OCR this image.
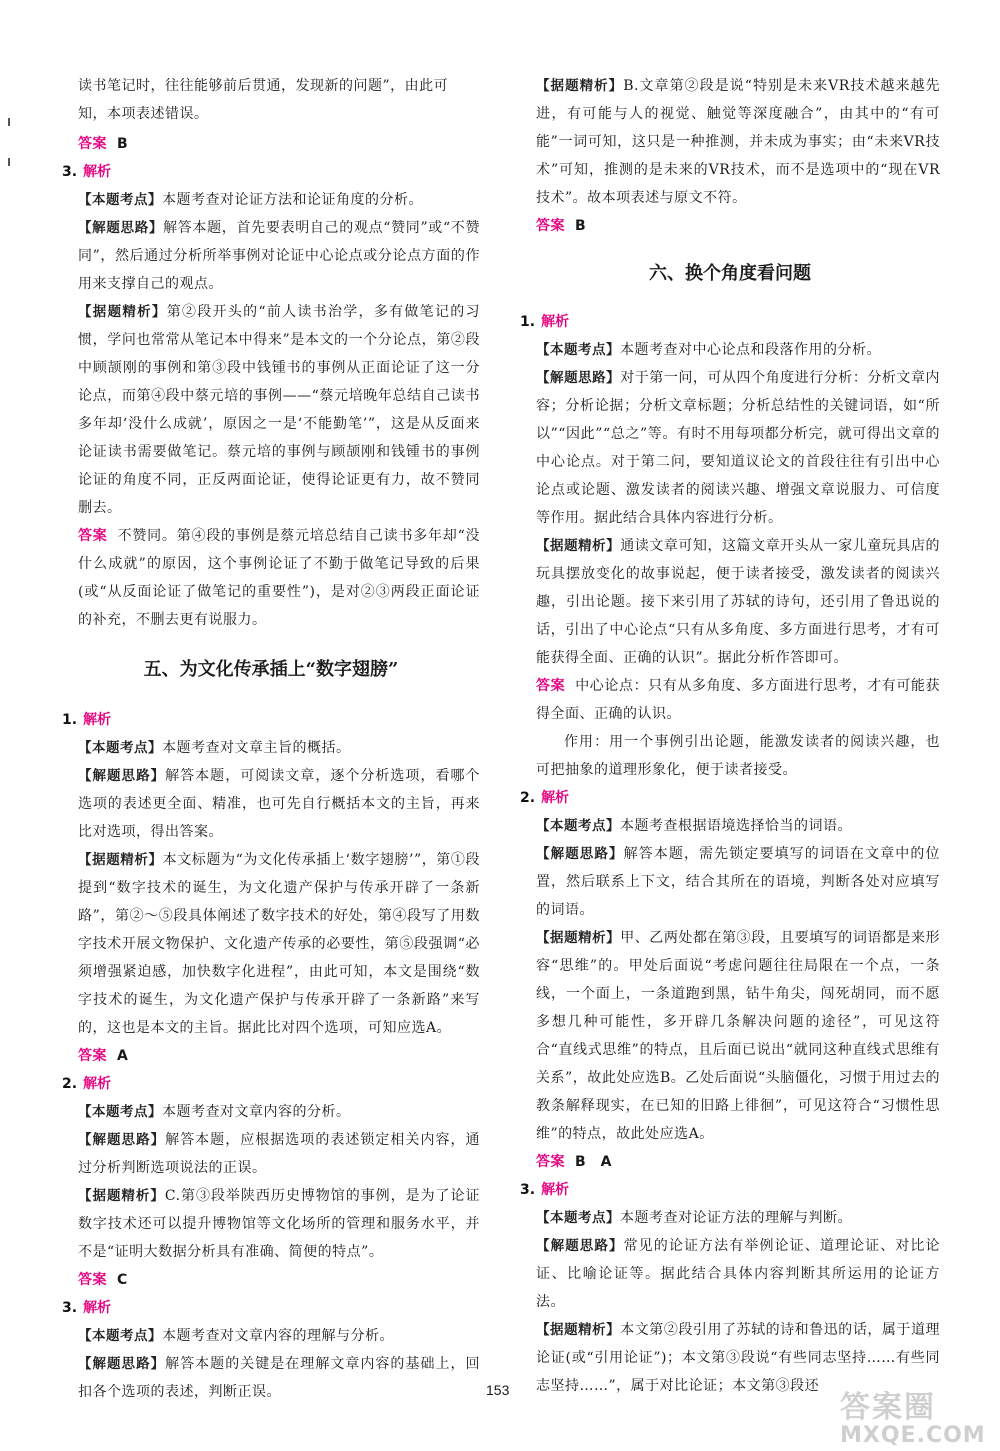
读书笔记时，往往能够前后贯通，发现新的问题”，由此可

知，本项表述错误。

答案 B

3. 解析

【本题考点】本题考查对论证方法和论证角度的分析。

【解题思路】解答本题，首先要表明自己的观点“赞同”或“不赞同”，然后通过分析所举事例对论证中心论点或分论点方面的作用来支撑自己的观点。

【据题精析】第②段开头的“前人读书治学，多有做笔记的习惯，学问也常常从笔记本中得来”是本文的一个分论点，第②段中顾颉刚的事例和第③段中钱锺书的事例从正面论证了这一分论点，而第④段中蔡元培的事例——“蔡元培晚年总结自己读书多年却‘没什么成就’，原因之一是‘不能勤笔’”，这是从反面来论证读书需要做笔记。蔡元培的事例与顾颉刚和钱锺书的事例论证的角度不同，正反两面论证，使得论证更有力，故不赞同删去。

答案 不赞同。第④段的事例是蔡元培总结自己读书多年却“没什么成就”的原因，这个事例论证了不勤于做笔记导致的后果(或“从反面论证了做笔记的重要性”)，是对②③两段正面论证的补充，不删去更有说服力。

五、为文化传承插上“数字翅膀”

1. 解析

【本题考点】本题考查对文章主旨的概括。

【解题思路】解答本题，可阅读文章，逐个分析选项，看哪个选项的表述更全面、精准，也可先自行概括本文的主旨，再来比对选项，得出答案。

【据题精析】本文标题为“为文化传承插上‘数字翅膀’”，第①段提到“数字技术的诞生，为文化遗产保护与传承开辟了一条新路”，第②～⑤段具体阐述了数字技术的好处，第④段写了用数字技术开展文物保护、文化遗产传承的必要性，第⑤段强调“必须增强紧迫感，加快数字化进程”，由此可知，本文是围绕“数字技术的诞生，为文化遗产保护与传承开辟了一条新路”来写的，这也是本文的主旨。据此比对四个选项，可知应选A。

答案 A

2. 解析

【本题考点】本题考查对文章内容的分析。

【解题思路】解答本题，应根据选项的表述锁定相关内容，通过分析判断选项说法的正误。

【据题精析】C.第③段举陕西历史博物馆的事例，是为了论证数字技术还可以提升博物馆等文化场所的管理和服务水平，并不是“证明大数据分析具有准确、简便的特点”。

答案 C

3. 解析

【本题考点】本题考查对文章内容的理解与分析。

【解题思路】解答本题的关键是在理解文章内容的基础上，回扣各个选项的表述，判断正误。

【据题精析】B.文章第②段是说“特别是未来VR技术越来越先进，有可能与人的视觉、触觉等深度融合”，由其中的“有可能”一词可知，这只是一种推测，并未成为事实；由“未来VR技术”可知，推测的是未来的VR技术，而不是选项中的“现在VR技术”。故本项表述与原文不符。

答案 B

六、换个角度看问题

1. 解析

【本题考点】本题考查对中心论点和段落作用的分析。

【解题思路】对于第一问，可从四个角度进行分析：分析文章内容；分析论据；分析文章标题；分析总结性的关键词语，如“所以”“因此”“总之”等。有时不用每项都分析完，就可得出文章的中心论点。对于第二问，要知道议论文的首段往往有引出中心论点或论题、激发读者的阅读兴趣、增强文章说服力、可信度等作用。据此结合具体内容进行分析。

【据题精析】通读文章可知，这篇文章开头从一家儿童玩具店的玩具摆放变化的故事说起，便于读者接受，激发读者的阅读兴趣，引出论题。接下来引用了苏轼的诗句，还引用了鲁迅说的话，引出了中心论点“只有从多角度、多方面进行思考，才有可能获得全面、正确的认识”。据此分析作答即可。

答案 中心论点：只有从多角度、多方面进行思考，才有可能获得全面、正确的认识。

作用：用一个事例引出论题，能激发读者的阅读兴趣，也可把抽象的道理形象化，便于读者接受。

2. 解析

【本题考点】本题考查根据语境选择恰当的词语。

【解题思路】解答本题，需先锁定要填写的词语在文章中的位置，然后联系上下文，结合其所在的语境，判断各处对应填写的词语。

【据题精析】甲、乙两处都在第③段，且要填写的词语都是来形容“思维”的。甲处后面说“考虑问题往往局限在一个点，一条线，一个面上，一条道跑到黑，钻牛角尖，闯死胡同，而不愿多想几种可能性，多开辟几条解决问题的途径”，可见这符合“直线式思维”的特点，且后面已说出“就同这种直线式思维有关系”，故此处应选B。乙处后面说“头脑僵化，习惯于用过去的教条解释现实，在已知的旧路上徘徊”，可见这符合“习惯性思维”的特点，故此处应选A。

答案 B　A

3. 解析

【本题考点】本题考查对论证方法的理解与判断。

【解题思路】常见的论证方法有举例论证、道理论证、对比论证、比喻论证等。据此结合具体内容判断其所运用的论证方法。

【据题精析】本文第②段引用了苏轼的诗和鲁迅的话，属于道理论证(或“引用论证”)；本文第③段说“有些同志坚持……有些同志坚持……”，属于对比论证；本文第③段还

153	答案圈
MXQE.COM
